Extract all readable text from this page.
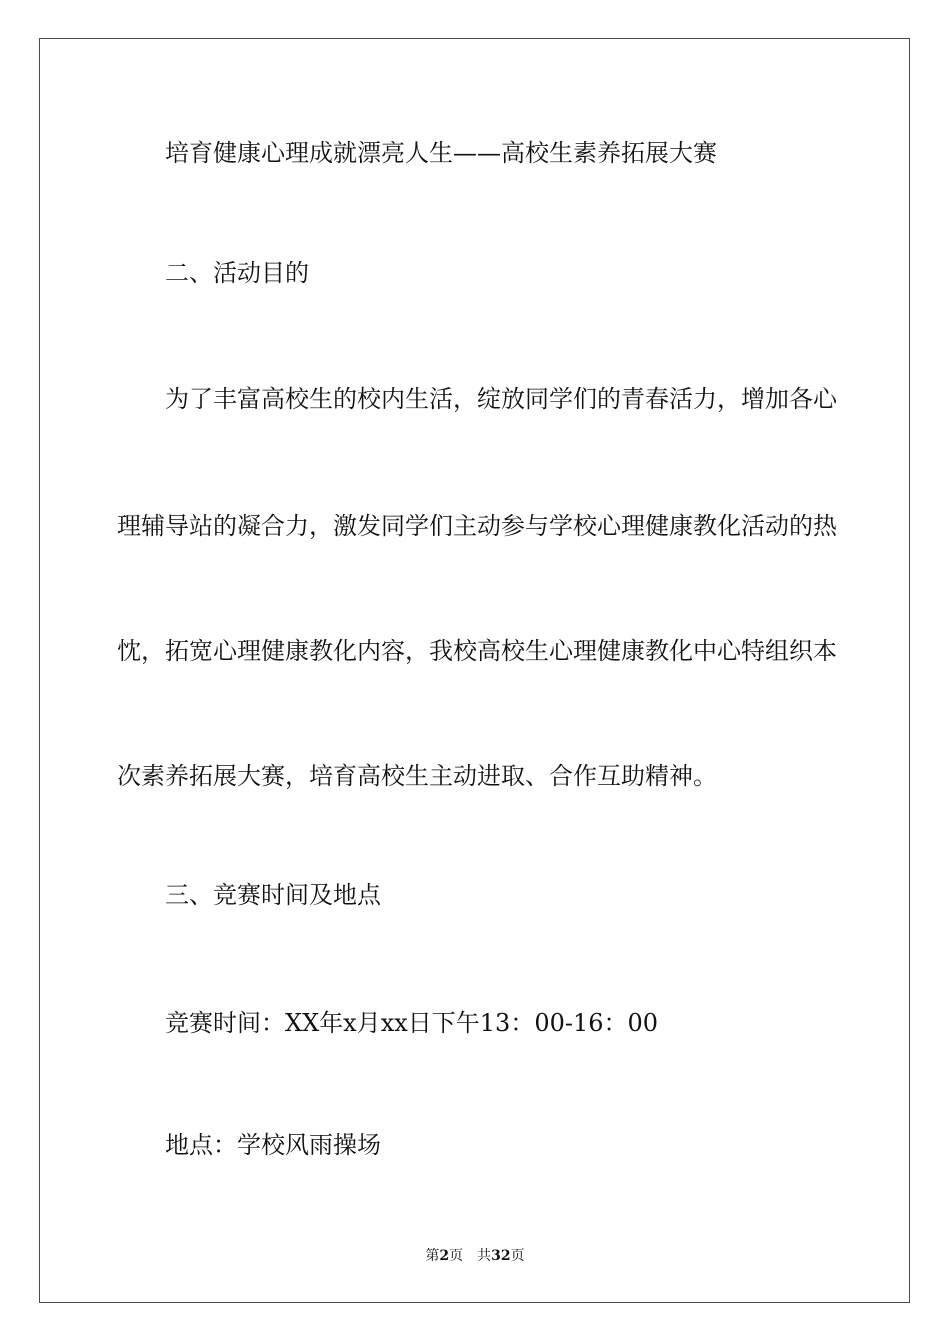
培育健康心理成就漂亮人生——高校生素养拓展大赛
二、活动目的
为了丰富高校生的校内生活，绽放同学们的青春活力，增加各心
理辅导站的凝合力，激发同学们主动参与学校心理健康教化活动的热
忱，拓宽心理健康教化内容，我校高校生心理健康教化中心特组织本
次素养拓展大赛，培育高校生主动进取、合作互助精神。
三、竞赛时间及地点
竞赛时间：XX年x月xx日下午13：00-16：00
地点：学校风雨操场
第2页 共32页
